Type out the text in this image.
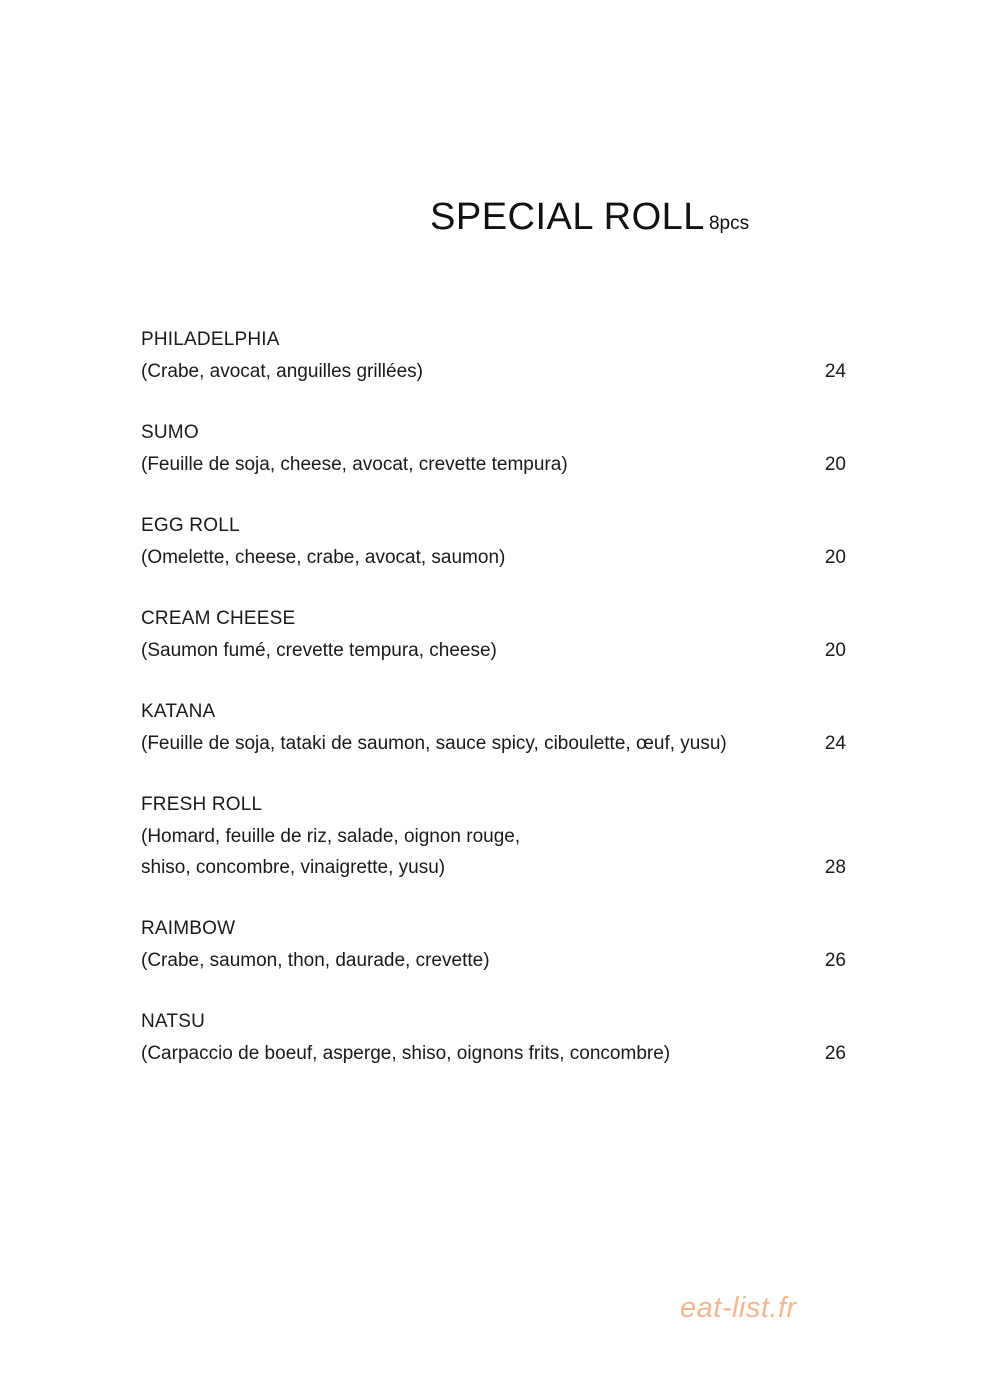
SPECIAL ROLL 8pcs
PHILADELPHIA
(Crabe, avocat, anguilles grillées)	24
SUMO
(Feuille de soja, cheese, avocat, crevette tempura)	20
EGG ROLL
(Omelette, cheese, crabe, avocat, saumon)	20
CREAM CHEESE
(Saumon fumé, crevette tempura, cheese)	20
KATANA
(Feuille de soja, tataki de saumon, sauce spicy, ciboulette, œuf, yusu)	24
FRESH ROLL
(Homard, feuille de riz, salade, oignon rouge,
shiso, concombre, vinaigrette, yusu)	28
RAIMBOW
(Crabe, saumon, thon, daurade, crevette)	26
NATSU
(Carpaccio de boeuf, asperge, shiso, oignons frits, concombre)	26
eat-list.fr
